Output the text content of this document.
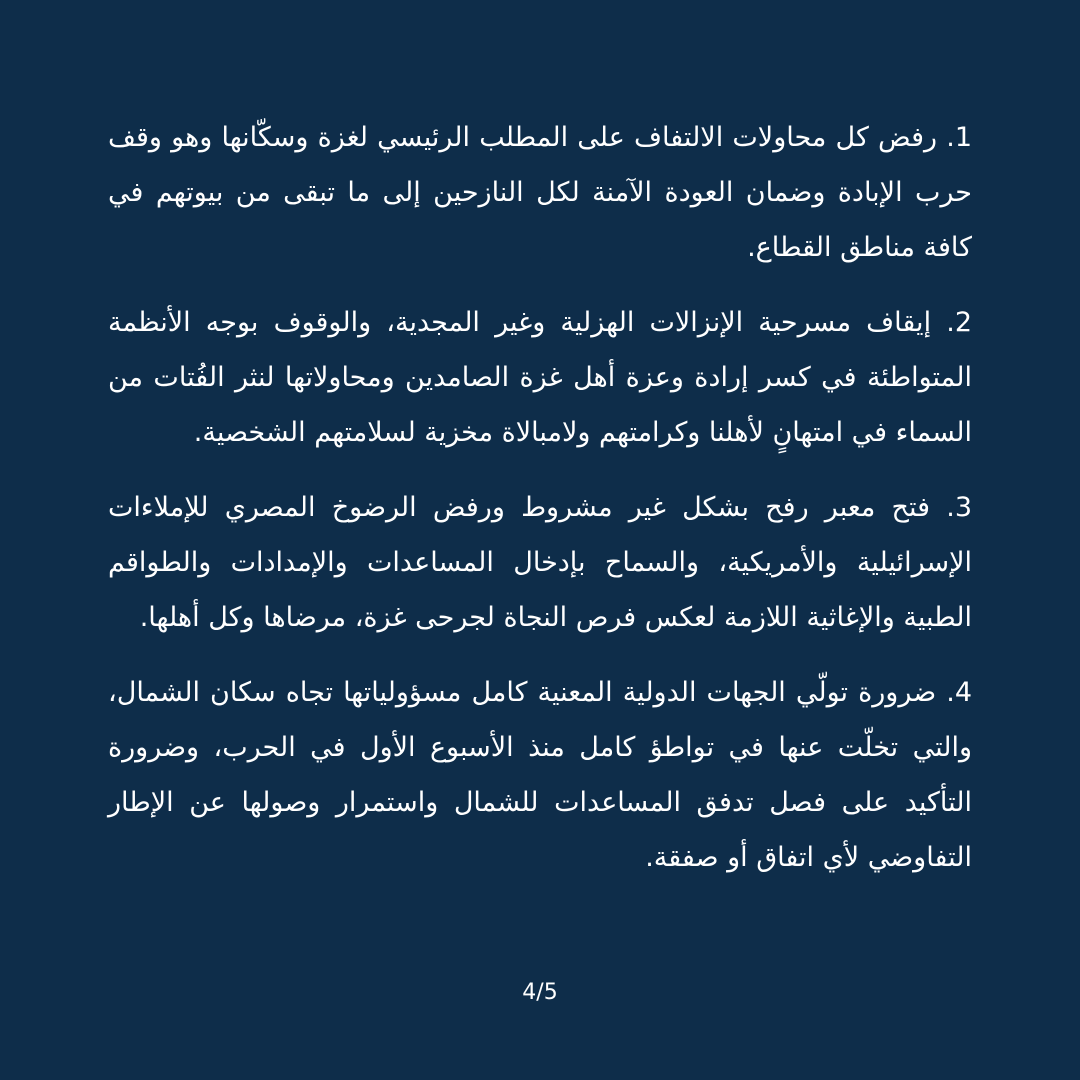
1. رفض كل محاولات الالتفاف على المطلب الرئيسي لغزة وسكّانها وهو وقف حرب الإبادة وضمان العودة الآمنة لكل النازحين إلى ما تبقى من بيوتهم في كافة مناطق القطاع.

2. إيقاف مسرحية الإنزالات الهزلية وغير المجدية، والوقوف بوجه الأنظمة المتواطئة في كسر إرادة وعزة أهل غزة الصامدين ومحاولاتها لنثر الفُتات من السماء في امتهانٍ لأهلنا وكرامتهم ولامبالاة مخزية لسلامتهم الشخصية.

3. فتح معبر رفح بشكل غير مشروط ورفض الرضوخ المصري للإملاءات الإسرائيلية والأمريكية، والسماح بإدخال المساعدات والإمدادات والطواقم الطبية والإغاثية اللازمة لعكس فرص النجاة لجرحى غزة، مرضاها وكل أهلها.

4. ضرورة تولّي الجهات الدولية المعنية كامل مسؤولياتها تجاه سكان الشمال، والتي تخلّت عنها في تواطؤ كامل منذ الأسبوع الأول في الحرب، وضرورة التأكيد على فصل تدفق المساعدات للشمال واستمرار وصولها عن الإطار التفاوضي لأي اتفاق أو صفقة.

4/5
